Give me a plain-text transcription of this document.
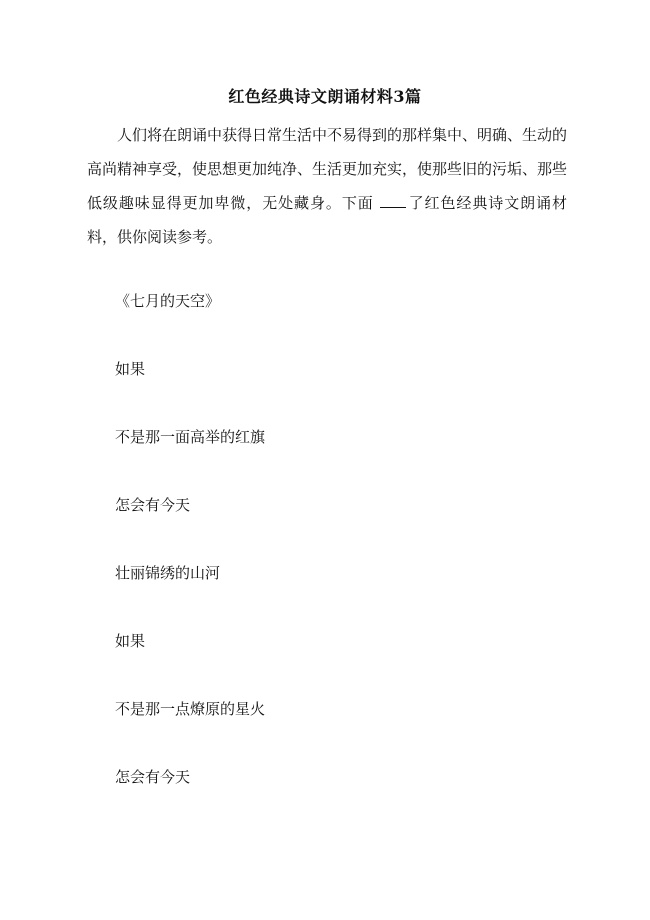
红色经典诗文朗诵材料3篇

人们将在朗诵中获得日常生活中不易得到的那样集中、明确、生动的高尚精神享受，使思想更加纯净、生活更加充实，使那些旧的污垢、那些低级趣味显得更加卑微，无处藏身。下面 了红色经典诗文朗诵材料，供你阅读参考。

《七月的天空》
如果
不是那一面高举的红旗
怎会有今天
壮丽锦绣的山河
如果
不是那一点燎原的星火
怎会有今天
